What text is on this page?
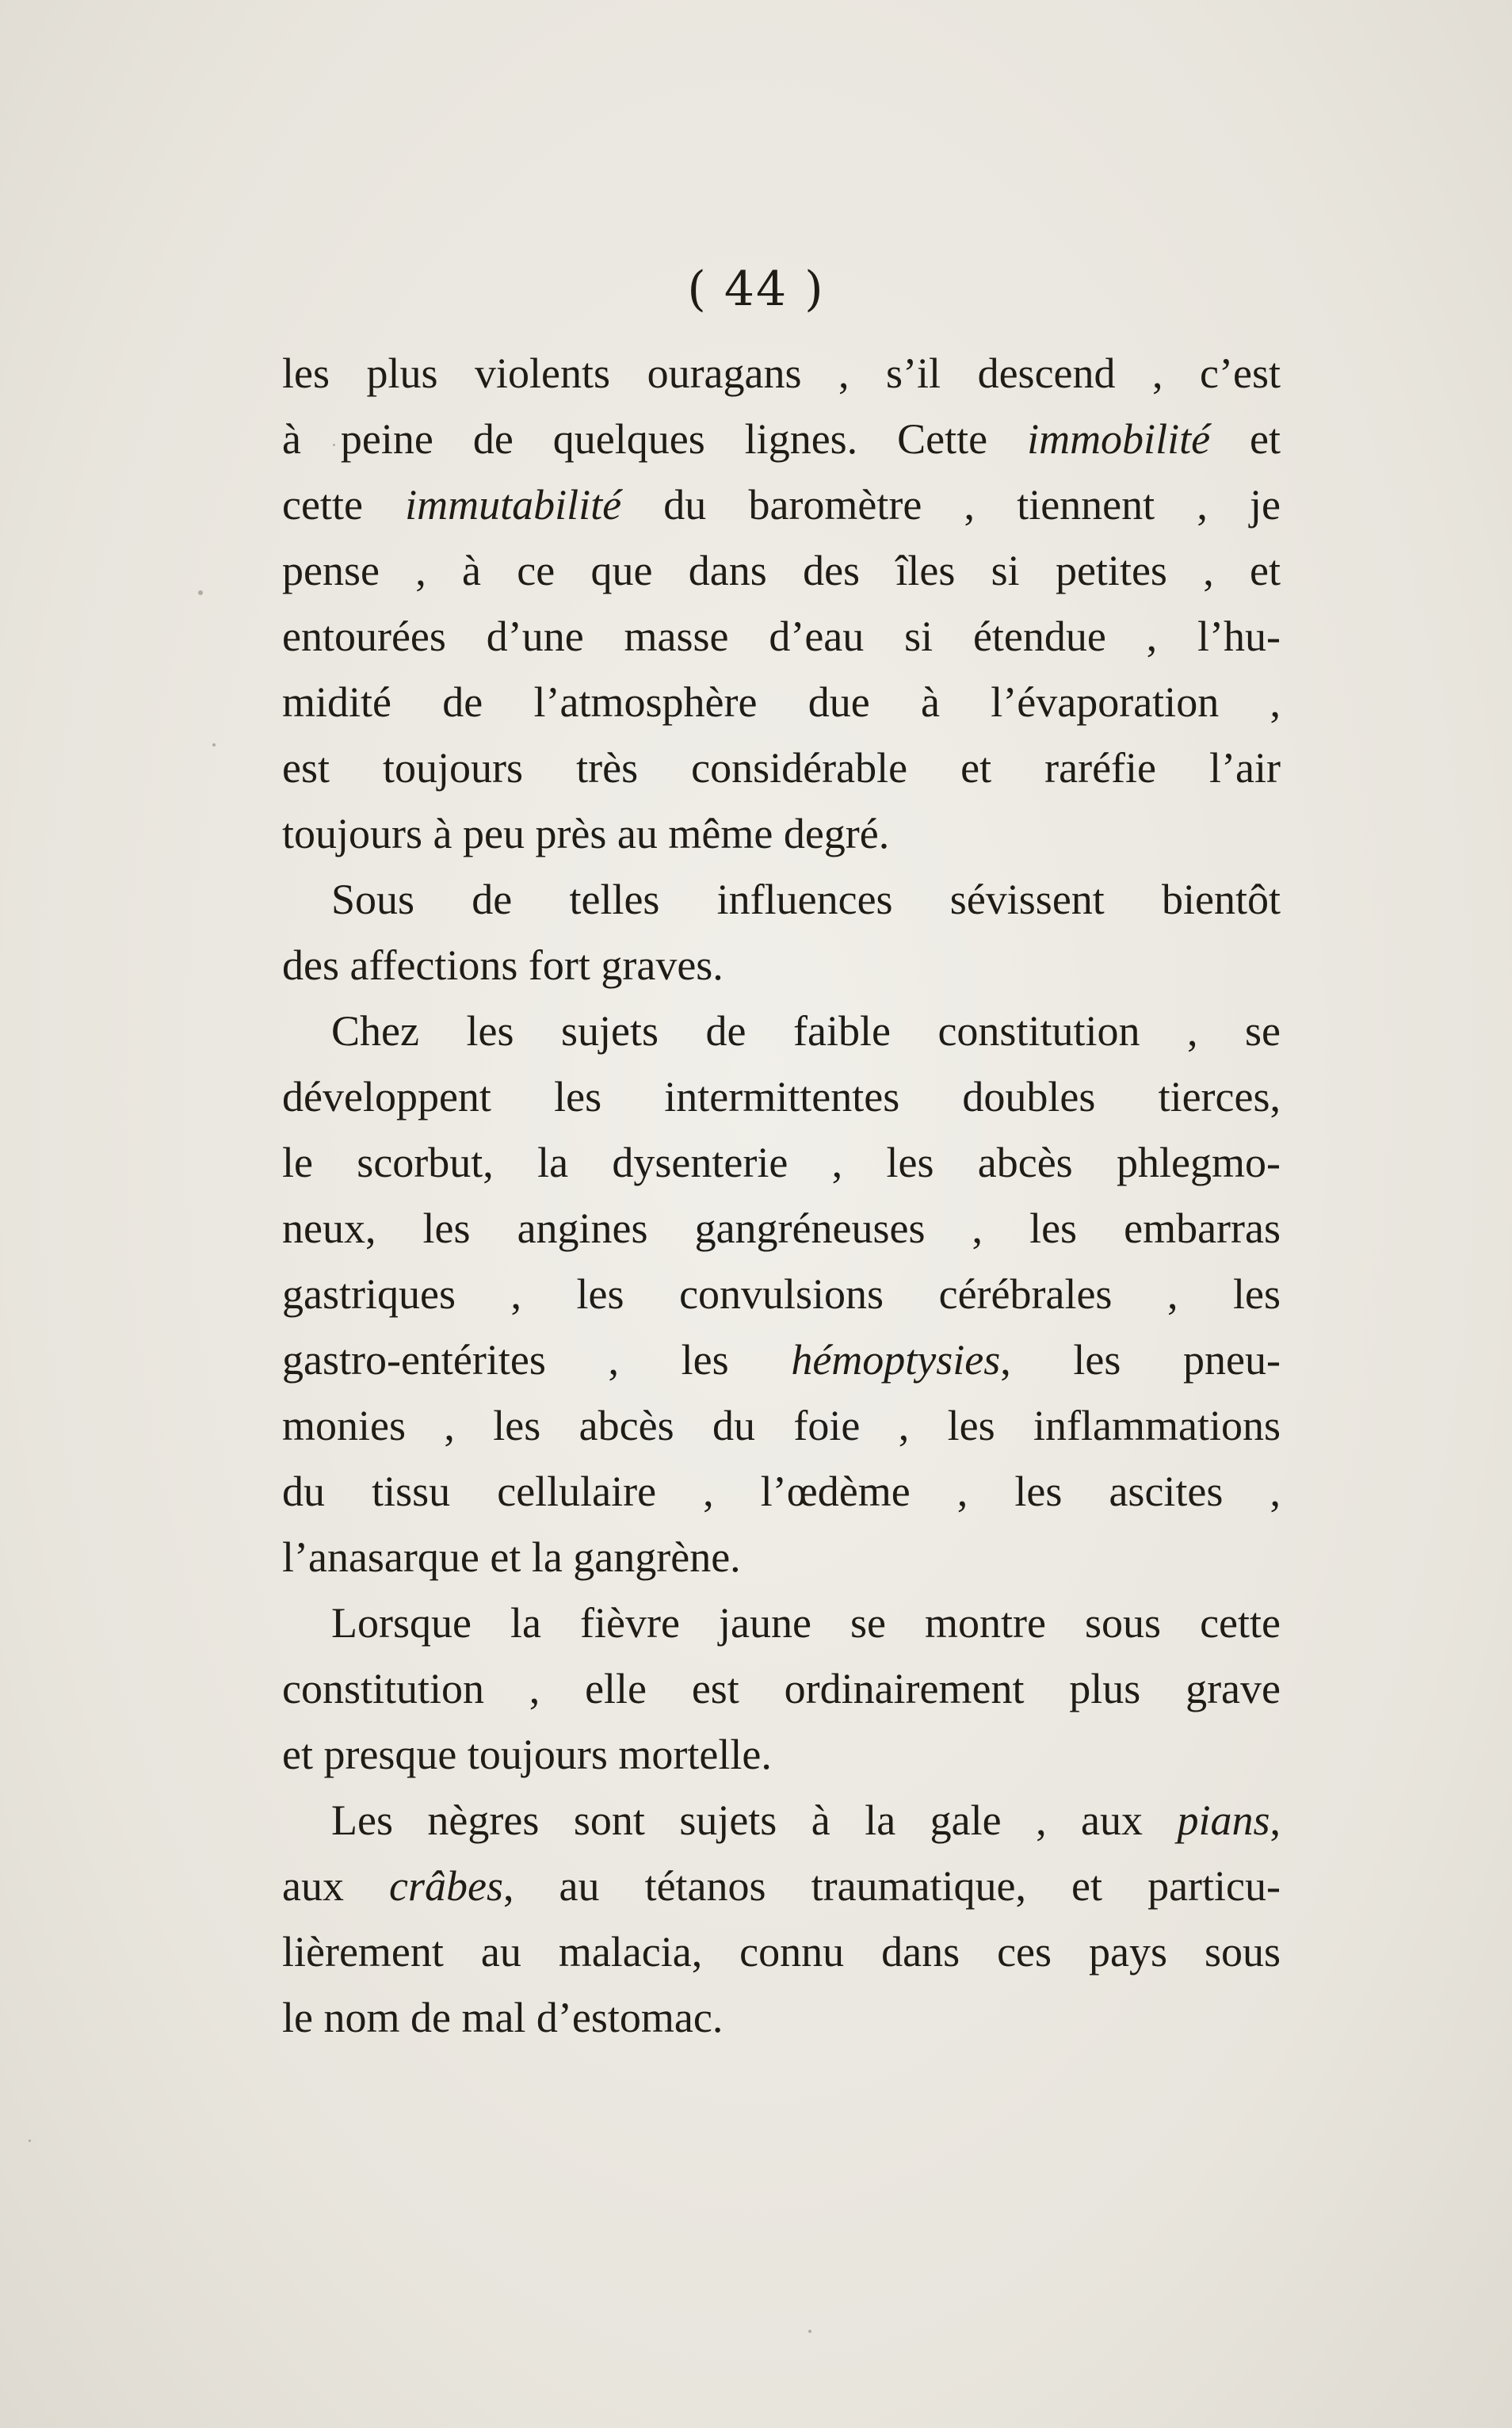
( 44 )
les plus violents ouragans , s’il descend , c’est
à peine de quelques lignes. Cette immobilité et
cette immutabilité du baromètre , tiennent , je
pense , à ce que dans des îles si petites , et
entourées d’une masse d’eau si étendue , l’hu-
midité de l’atmosphère due à l’évaporation ,
est toujours très considérable et raréfie l’air
toujours à peu près au même degré.
Sous de telles influences sévissent bientôt
des affections fort graves.
Chez les sujets de faible constitution , se
développent les intermittentes doubles tierces,
le scorbut, la dysenterie , les abcès phlegmo-
neux, les angines gangréneuses , les embarras
gastriques , les convulsions cérébrales , les
gastro-entérites , les hémoptysies, les pneu-
monies , les abcès du foie , les inflammations
du tissu cellulaire , l’œdème , les ascites ,
l’anasarque et la gangrène.
Lorsque la fièvre jaune se montre sous cette
constitution , elle est ordinairement plus grave
et presque toujours mortelle.
Les nègres sont sujets à la gale , aux pians,
aux crâbes, au tétanos traumatique, et particu-
lièrement au malacia, connu dans ces pays sous
le nom de mal d’estomac.
